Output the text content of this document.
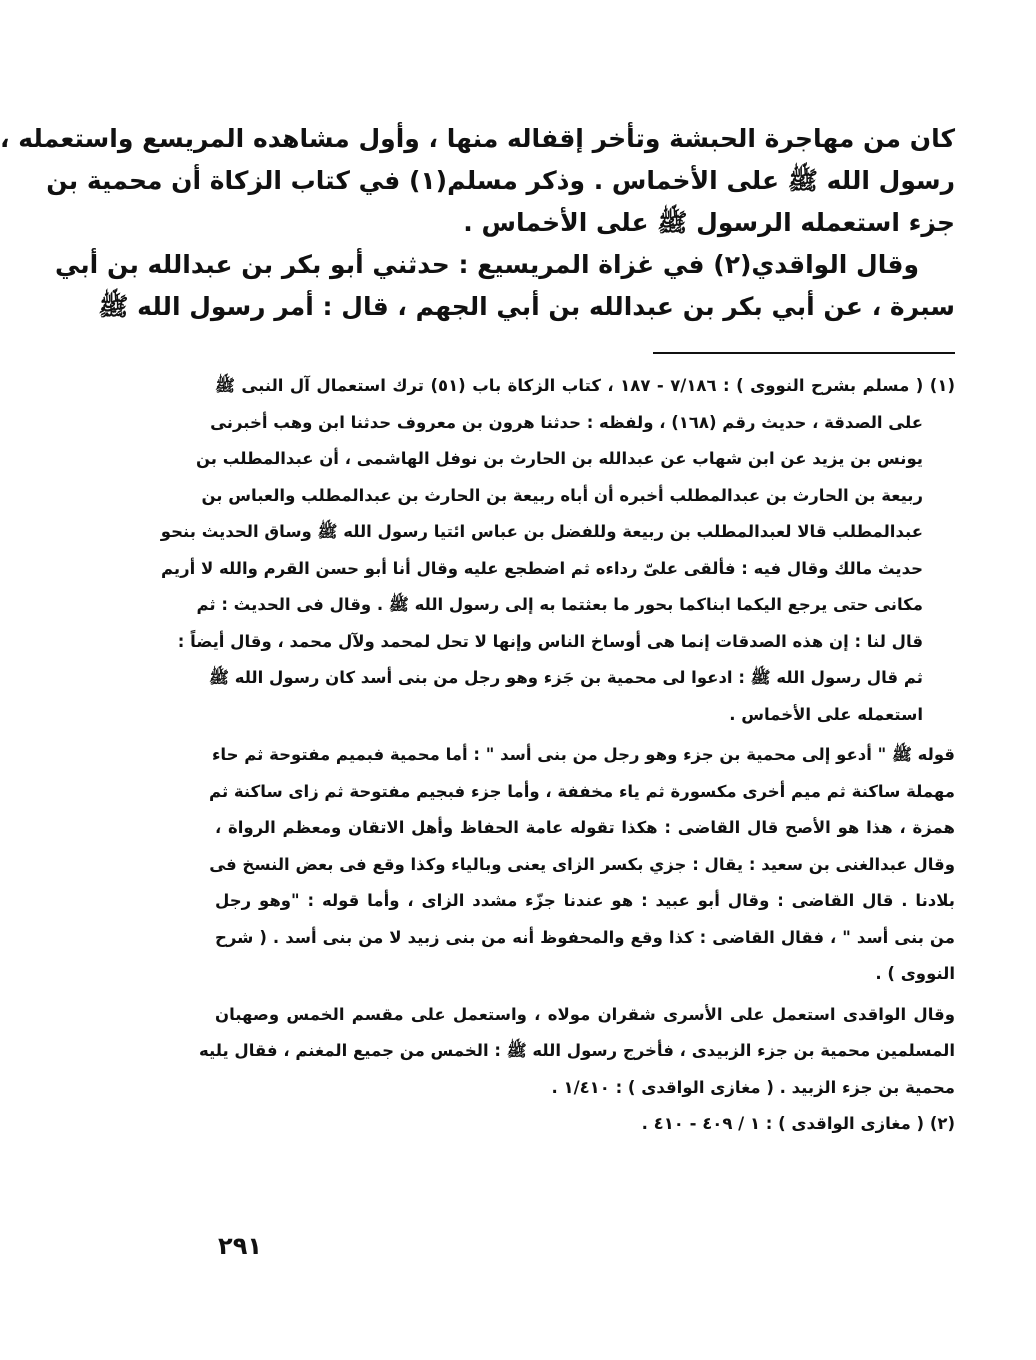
كان من مهاجرة الحبشة وتأخر إقفاله منها ، وأول مشاهده المريسع واستعمله ،
رسول الله ﷺ على الأخماس . وذكر مسلم(١) في كتاب الزكاة أن محمية بن
جزء استعمله الرسول ﷺ على الأخماس .
وقال الواقدي(٢) في غزاة المريسيع : حدثني أبو بكر بن عبدالله بن أبي
سبرة ، عن أبي بكر بن عبدالله بن أبي الجهم ، قال : أمر رسول الله ﷺ
(١) ( مسلم بشرح النووى ) : ٧/١٨٦ - ١٨٧ ، كتاب الزكاة باب (٥١) ترك استعمال آل النبى ﷺ
على الصدقة ، حديث رقم (١٦٨) ، ولفظه : حدثنا هرون بن معروف حدثنا ابن وهب أخبرنى
يونس بن يزيد عن ابن شهاب عن عبدالله بن الحارث بن نوفل الهاشمى ، أن عبدالمطلب بن
ربيعة بن الحارث بن عبدالمطلب أخبره أن أباه ربيعة بن الحارث بن عبدالمطلب والعباس بن
عبدالمطلب قالا لعبدالمطلب بن ربيعة وللفضل بن عباس ائتيا رسول الله ﷺ وساق الحديث بنحو
حديث مالك وقال فيه : فألقى علىّ رداءه ثم اضطجع عليه وقال أنا أبو حسن القرم والله لا أريم
مكانى حتى يرجع اليكما ابناكما بحور ما بعثتما به إلى رسول الله ﷺ . وقال فى الحديث : ثم
قال لنا : إن هذه الصدقات إنما هى أوساخ الناس وإنها لا تحل لمحمد ولآل محمد ، وقال أيضاً :
ثم قال رسول الله ﷺ : ادعوا لى محمية بن جَزء وهو رجل من بنى أسد كان رسول الله ﷺ
استعمله على الأخماس .
قوله ﷺ " أدعو إلى محمية بن جزء وهو رجل من بنى أسد " : أما محمية فبميم مفتوحة ثم حاء
مهملة ساكنة ثم ميم أخرى مكسورة ثم ياء مخففة ، وأما جزء فبجيم مفتوحة ثم زاى ساكنة ثم
همزة ، هذا هو الأصح قال القاضى : هكذا تقوله عامة الحفاظ وأهل الاتقان ومعظم الرواة ،
وقال عبدالغنى بن سعيد : يقال : جزي بكسر الزاى يعنى وبالياء وكذا وقع فى بعض النسخ فى
بلادنا . قال القاضى : وقال أبو عبيد : هو عندنا جزّء مشدد الزاى ، وأما قوله : "وهو رجل
من بنى أسد " ، فقال القاضى : كذا وقع والمحفوظ أنه من بنى زبيد لا من بنى أسد . ( شرح
النووى ) .
وقال الواقدى استعمل على الأسرى شقران مولاه ، واستعمل على مقسم الخمس وصهبان
المسلمين محمية بن جزء الزبيدى ، فأخرج رسول الله ﷺ : الخمس من جميع المغنم ، فقال يليه
محمية بن جزء الزبيد . ( مغازى الواقدى ) : ١/٤١٠ .
(٢) ( مغازى الواقدى ) : ١ / ٤٠٩ - ٤١٠ .
٢٩١
